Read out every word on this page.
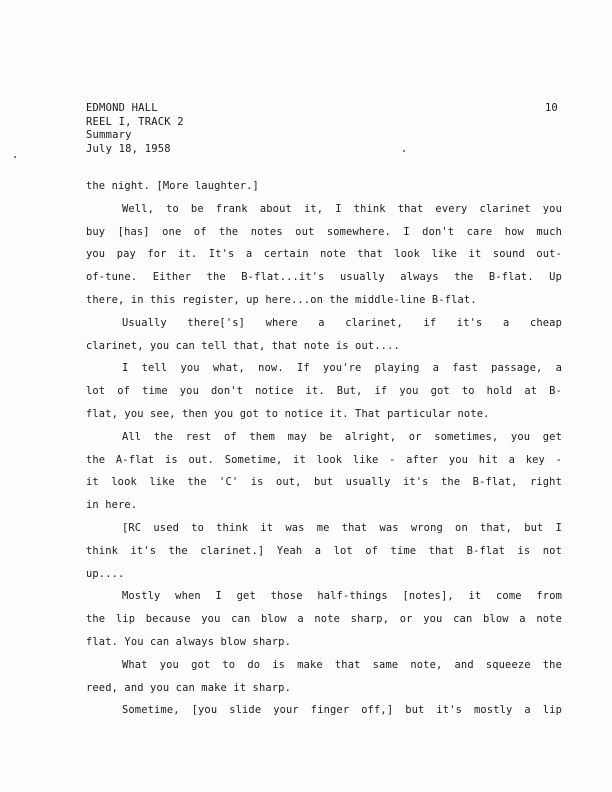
EDMOND HALL
REEL I, TRACK 2
Summary
July 18, 1958
10
the night. [More laughter.]
Well, to be frank about it, I think that every clarinet you
buy [has] one of the notes out somewhere. I don't care how much
you pay for it. It's a certain note that look like it sound out-
of-tune. Either the B-flat...it's usually always the B-flat. Up
there, in this register, up here...on the middle-line B-flat.
Usually there['s] where a clarinet, if it's a cheap
clarinet, you can tell that, that note is out....
I tell you what, now. If you're playing a fast passage, a
lot of time you don't notice it. But, if you got to hold at B-
flat, you see, then you got to notice it. That particular note.
All the rest of them may be alright, or sometimes, you get
the A-flat is out. Sometime, it look like - after you hit a key -
it look like the 'C' is out, but usually it's the B-flat, right
in here.
[RC used to think it was me that was wrong on that, but I
think it's the clarinet.] Yeah a lot of time that B-flat is not
up....
Mostly when I get those half-things [notes], it come from
the lip because you can blow a note sharp, or you can blow a note
flat. You can always blow sharp.
What you got to do is make that same note, and squeeze the
reed, and you can make it sharp.
Sometime, [you slide your finger off,] but it's mostly a lip
